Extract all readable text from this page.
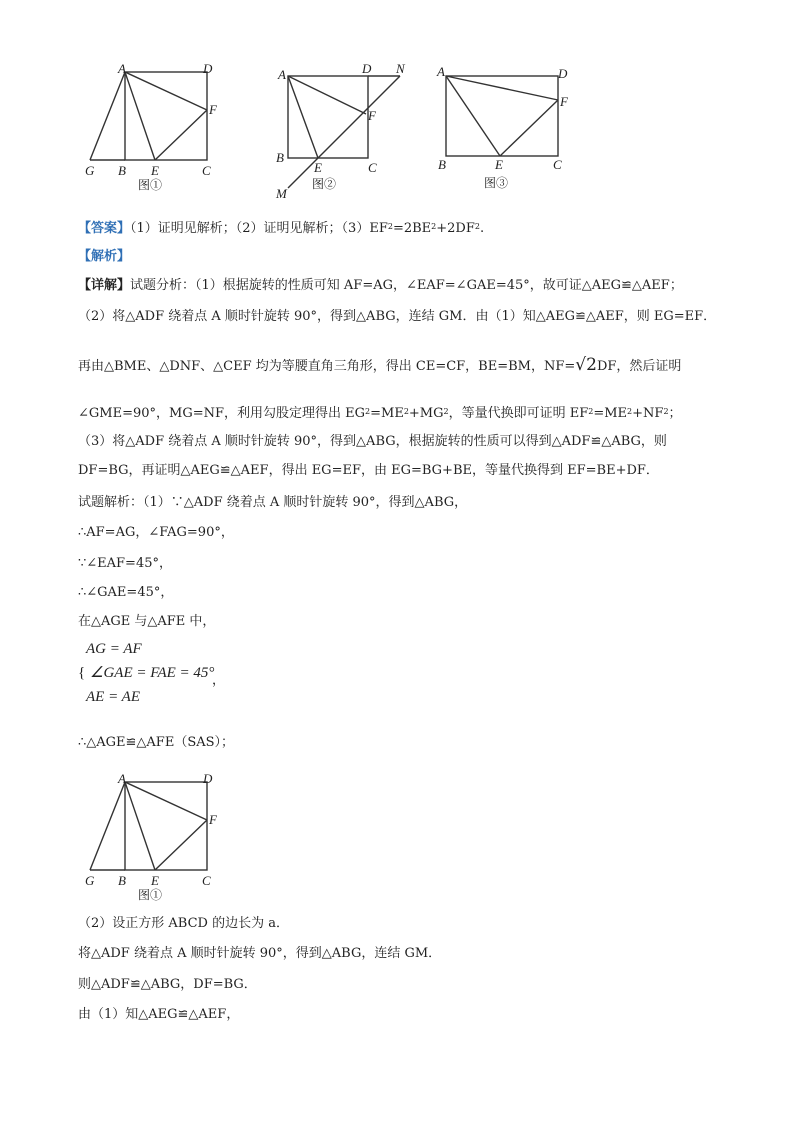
A	D
F
G B E	C
图①
A	D N
F
B
E	C
M
图②
A	D
F
B	E	C
图③
【答案】（1）证明见解析；（2）证明见解析；$(3)EF^2=2BE^2+2DF^2$.
【解析】
【详解】试题分析：（1）根据旋转的性质可知 AF=AG，∠EAF=∠GAE=45°，故可证△AEG≌△AEF；
（2）将△ADF 绕着点 A 顺时针旋转 90°，得到△ABG，连结 GM．由（1）知△AEG≌△AEF，则 EG=EF．
再由△BME、△DNF、△CEF 均为等腰直角三角形，得出 CE=CF，BE=BM，NF=√2DF，然后证明
∠GME=90°，MG=NF，利用勾股定理得出 $EG^2=ME^2+MG^2$，等量代换即可证明 $EF^2=ME^2+NF^2$；
（3）将△ADF 绕着点 A 顺时针旋转 90°，得到△ABG，根据旋转的性质可以得到△ADF≌△ABG，则
DF=BG，再证明△AEG≌△AEF，得出 EG=EF，由 EG=BG+BE，等量代换得到 EF=BE+DF．
试题解析：（1）∵△ADF 绕着点 A 顺时针旋转 90°，得到△ABG，
∴AF=AG，∠FAG=90°，
∵∠EAF=45°，
∴∠GAE=45°，
在△AGE 与△AFE 中，
AG = AF
{ ∠GAE = FAE = 45°
，
AE = AE
∴△AGE≌△AFE（SAS）；
A	D
F
G B E	C
图①
（2）设正方形 ABCD 的边长为 a．
将△ADF 绕着点 A 顺时针旋转 90°，得到△ABG，连结 GM．
则△ADF≌△ABG，DF=BG．
由（1）知△AEG≌△AEF，
